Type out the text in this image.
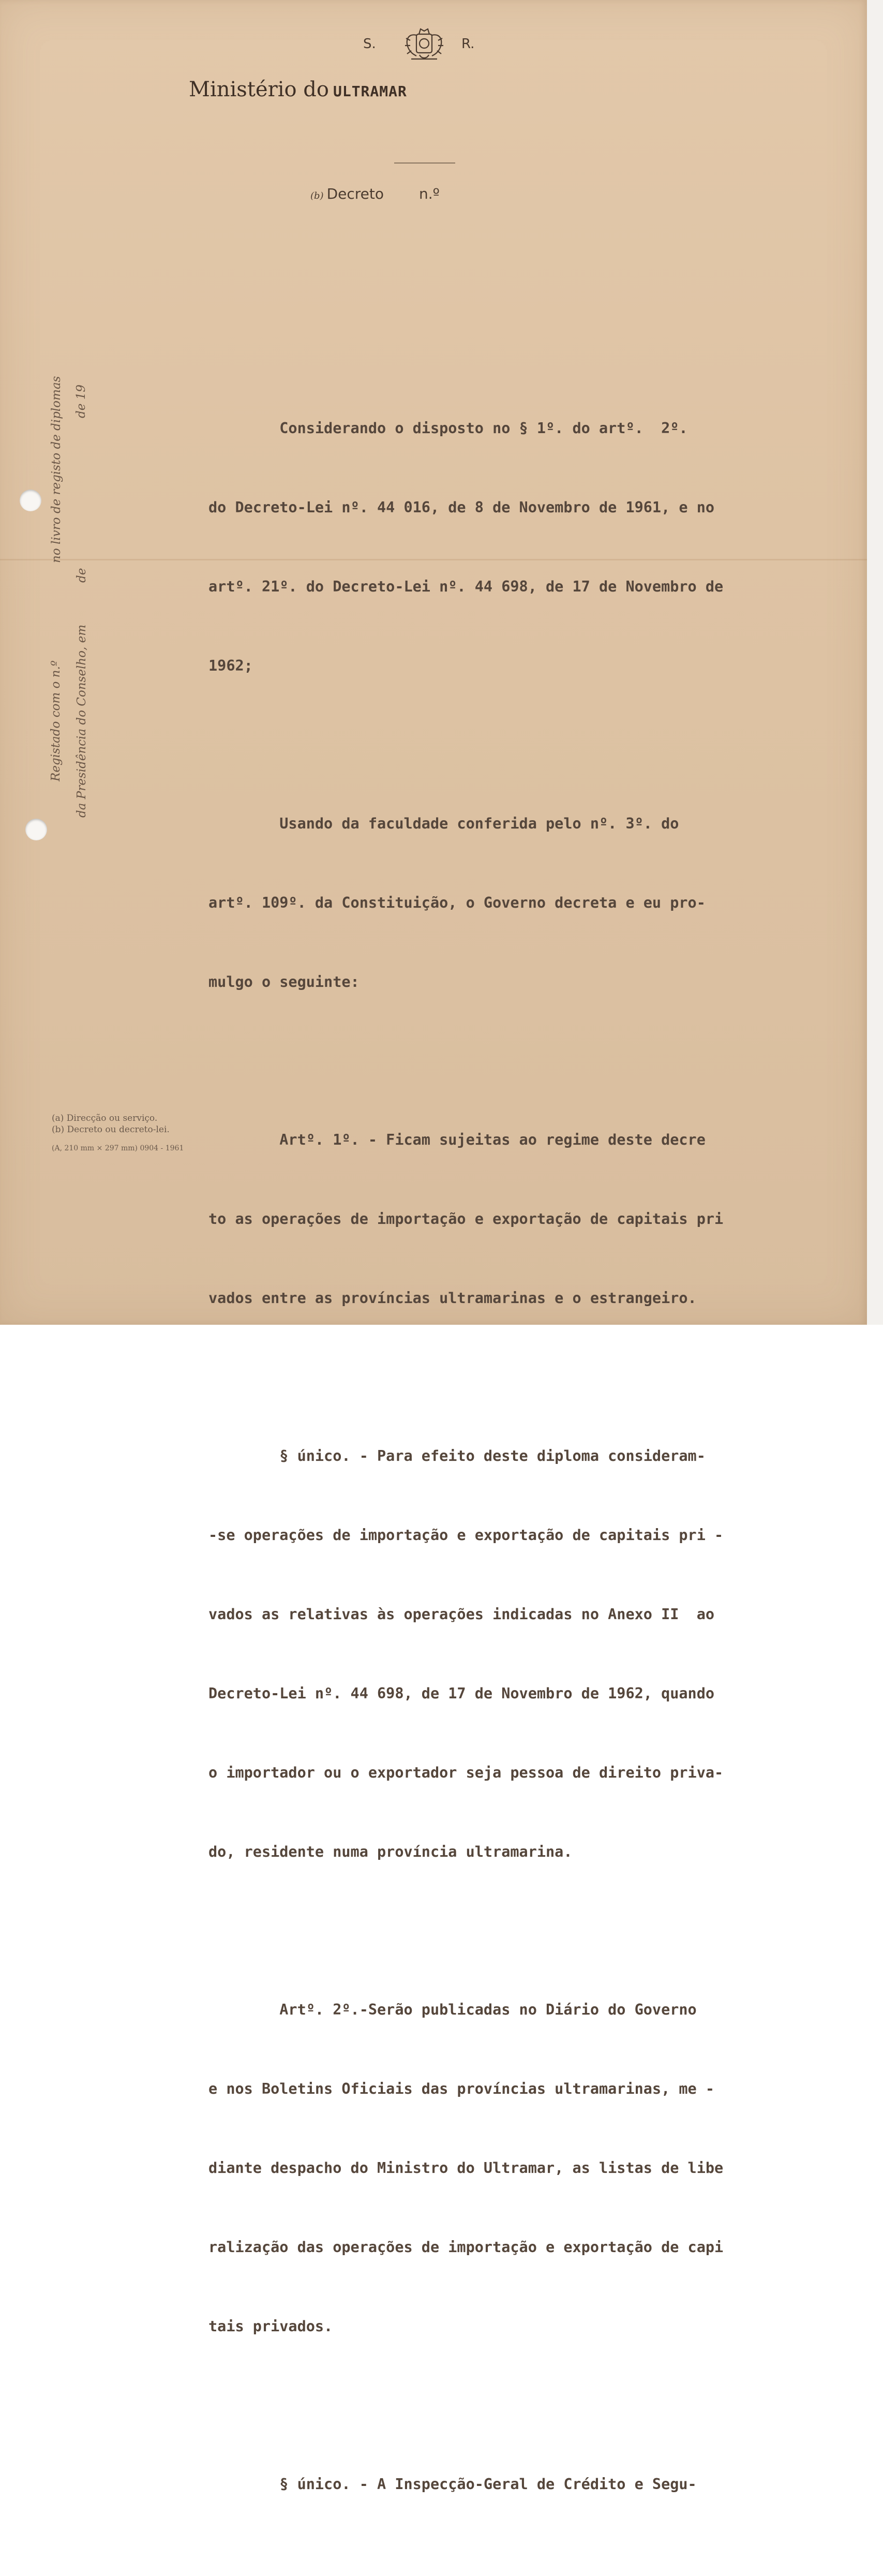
S.	R.
Ministério do ULTRAMAR
(b) Decreto n.º
Registado com o n.º
no livro de registo de diplomas
da Presidência do Conselho, em
de
de 19

Considerando o disposto no § 1º. do artº.  2º.

do Decreto-Lei nº. 44 016, de 8 de Novembro de 1961, e no

artº. 21º. do Decreto-Lei nº. 44 698, de 17 de Novembro de

1962;

Usando da faculdade conferida pelo nº. 3º. do

artº. 109º. da Constituição, o Governo decreta e eu pro-

mulgo o seguinte:

Artº. 1º. - Ficam sujeitas ao regime deste decre

to as operações de importação e exportação de capitais pri

vados entre as províncias ultramarinas e o estrangeiro.

§ único. - Para efeito deste diploma consideram-

-se operações de importação e exportação de capitais pri -

vados as relativas às operações indicadas no Anexo II  ao

Decreto-Lei nº. 44 698, de 17 de Novembro de 1962, quando

o importador ou o exportador seja pessoa de direito priva-

do, residente numa província ultramarina.

Artº. 2º.-Serão publicadas no Diário do Governo

e nos Boletins Oficiais das províncias ultramarinas, me -

diante despacho do Ministro do Ultramar, as listas de libe

ralização das operações de importação e exportação de capi

tais privados.

§ único. - A Inspecção-Geral de Crédito e Segu-

(a) Direcção ou serviço.
(b) Decreto ou decreto-lei.
(A, 210 mm × 297 mm) 0904 - 1961
